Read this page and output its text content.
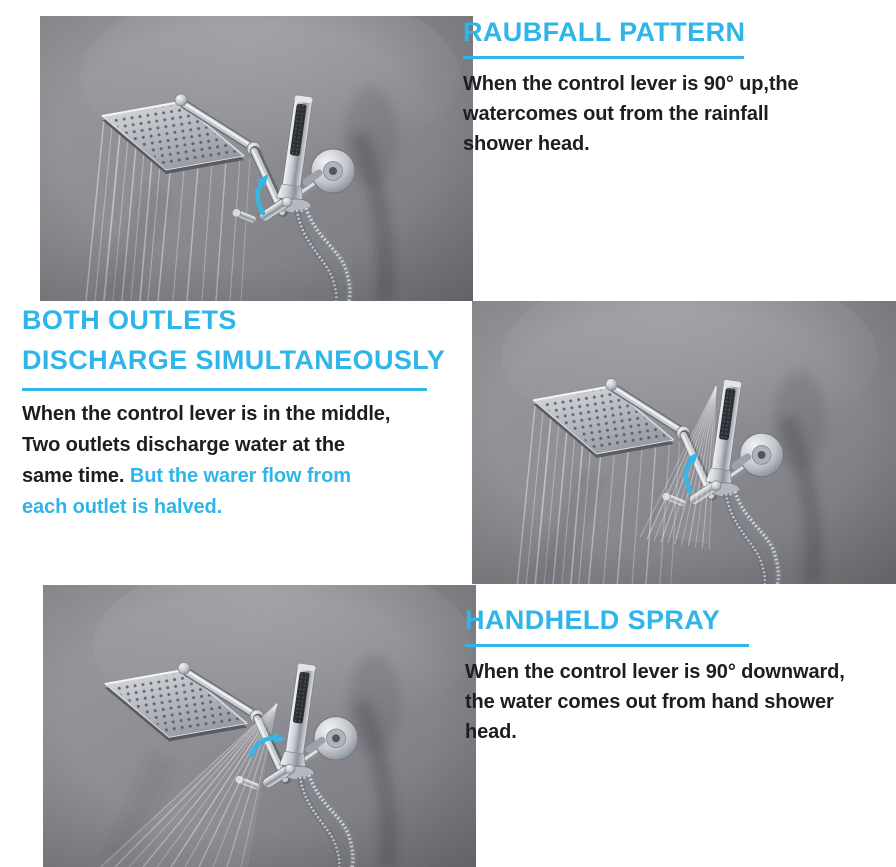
RAUBFALL PATTERN

When the control lever is 90° up,the

watercomes out from the rainfall

shower head.

BOTH OUTLETS
DISCHARGE SIMULTANEOUSLY

When the control lever is in the middle,

Two outlets discharge water at the

same time. But the warer flow from

each outlet is halved.

HANDHELD SPRAY

When the control lever is 90° downward,

the water comes out from hand shower

head.
